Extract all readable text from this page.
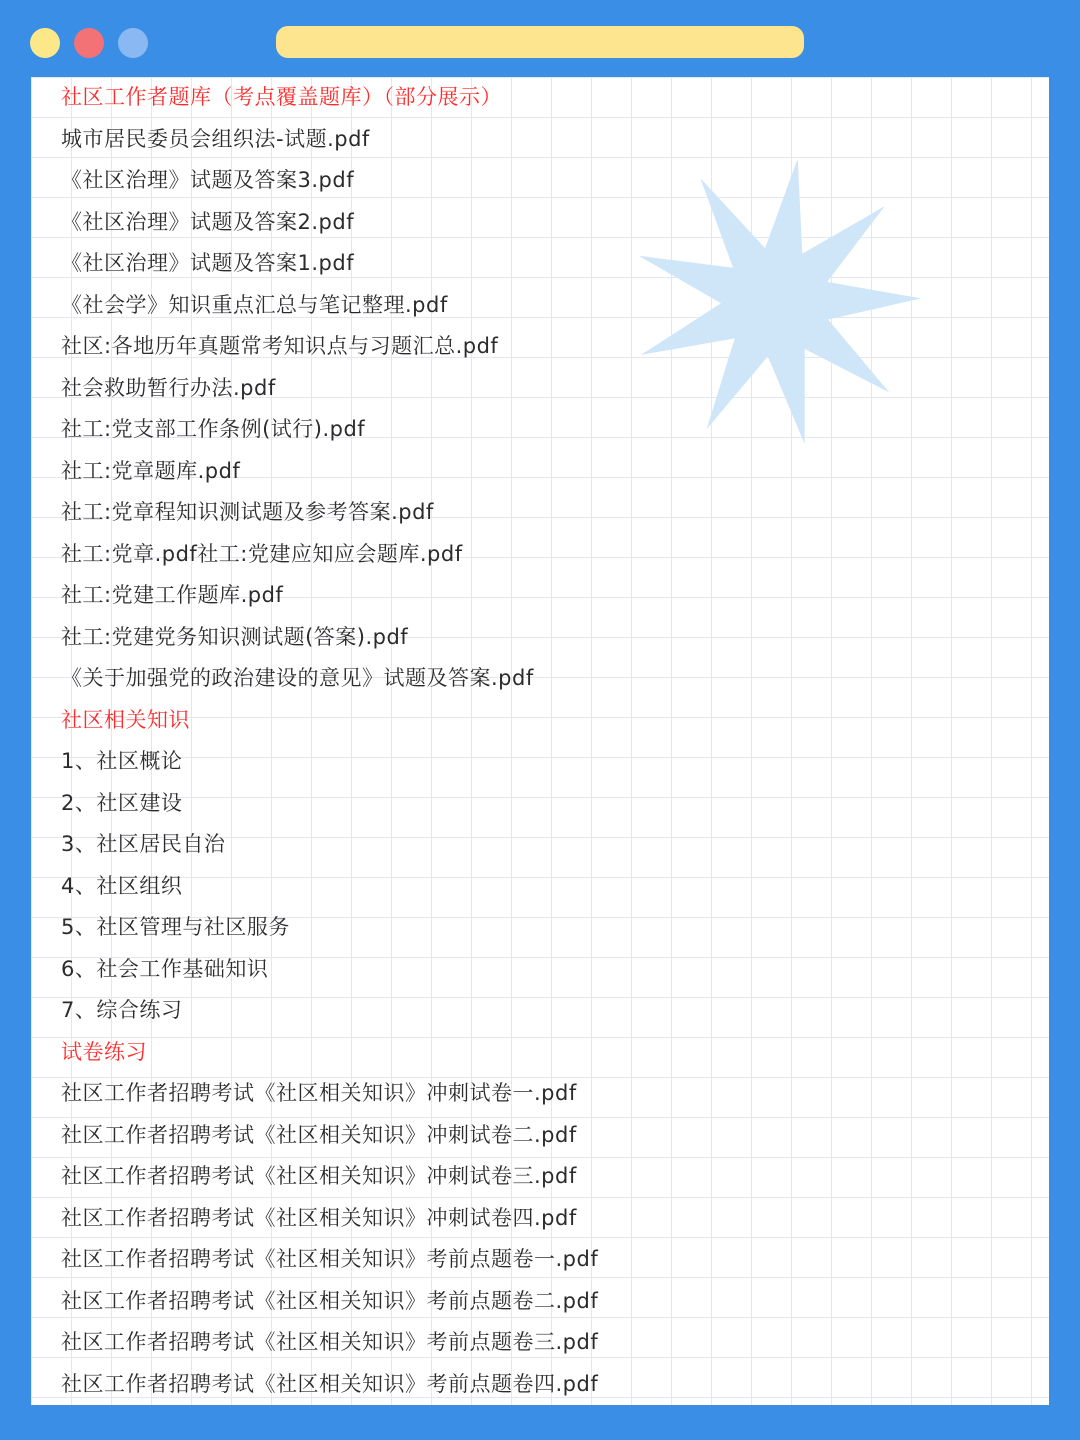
社区工作者题库（考点覆盖题库）（部分展示）
城市居民委员会组织法-试题.pdf
《社区治理》试题及答案3.pdf
《社区治理》试题及答案2.pdf
《社区治理》试题及答案1.pdf
《社会学》知识重点汇总与笔记整理.pdf
社区:各地历年真题常考知识点与习题汇总.pdf
社会救助暂行办法.pdf
社工:党支部工作条例(试行).pdf
社工:党章题库.pdf
社工:党章程知识测试题及参考答案.pdf
社工:党章.pdf社工:党建应知应会题库.pdf
社工:党建工作题库.pdf
社工:党建党务知识测试题(答案).pdf
《关于加强党的政治建设的意见》试题及答案.pdf
社区相关知识
1、社区概论
2、社区建设
3、社区居民自治
4、社区组织
5、社区管理与社区服务
6、社会工作基础知识
7、综合练习
试卷练习
社区工作者招聘考试《社区相关知识》冲刺试卷一.pdf
社区工作者招聘考试《社区相关知识》冲刺试卷二.pdf
社区工作者招聘考试《社区相关知识》冲刺试卷三.pdf
社区工作者招聘考试《社区相关知识》冲刺试卷四.pdf
社区工作者招聘考试《社区相关知识》考前点题卷一.pdf
社区工作者招聘考试《社区相关知识》考前点题卷二.pdf
社区工作者招聘考试《社区相关知识》考前点题卷三.pdf
社区工作者招聘考试《社区相关知识》考前点题卷四.pdf
